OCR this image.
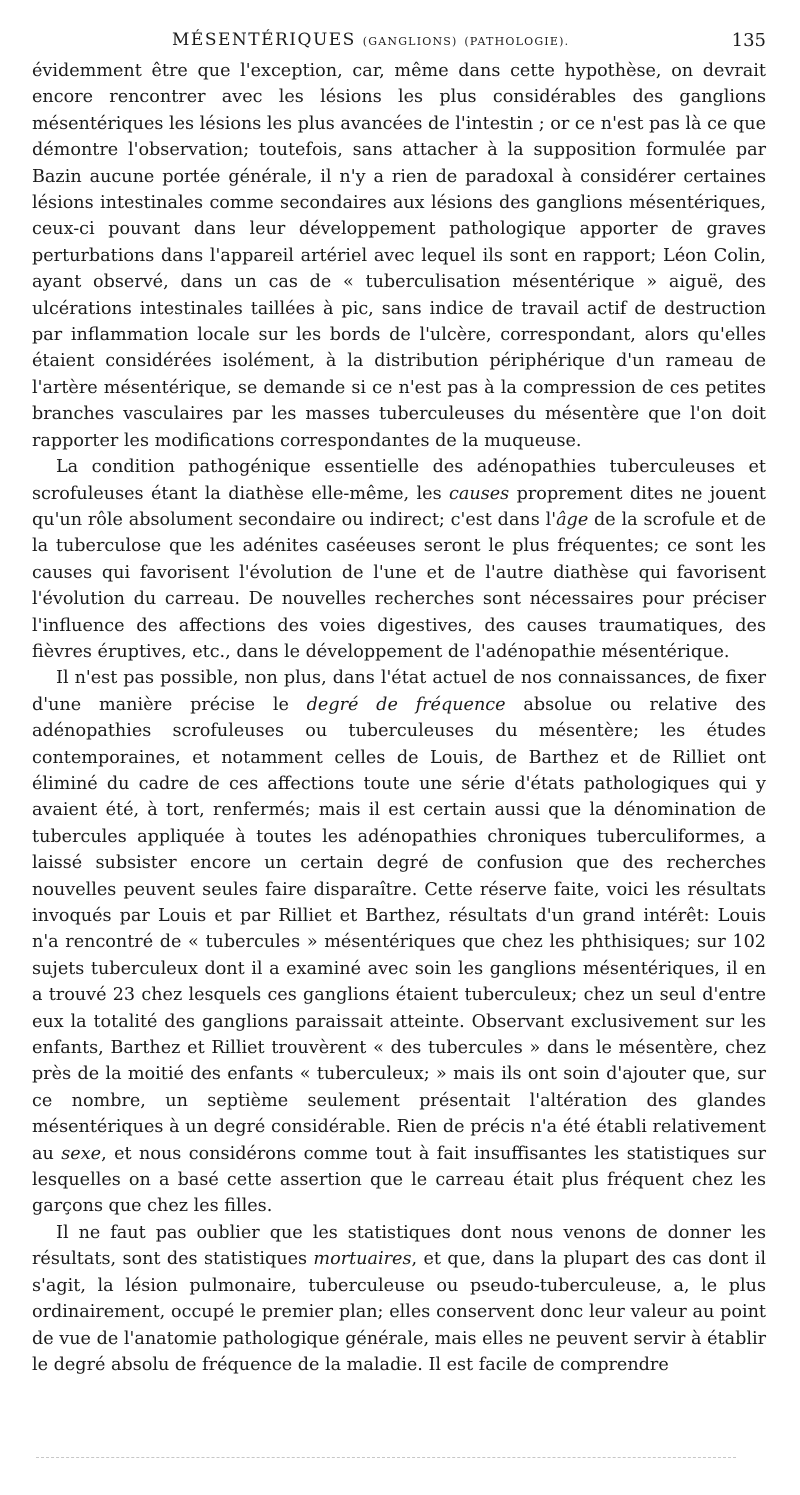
MÉSENTÉRIQUES (GANGLIONS) (PATHOLOGIE).	135

évidemment être que l'exception, car, même dans cette hypothèse, on devrait encore rencontrer avec les lésions les plus considérables des ganglions mésentériques les lésions les plus avancées de l'intestin ; or ce n'est pas là ce que démontre l'observation; toutefois, sans attacher à la supposition formulée par Bazin aucune portée générale, il n'y a rien de paradoxal à considérer certaines lésions intestinales comme secondaires aux lésions des ganglions mésentériques, ceux-ci pouvant dans leur développement pathologique apporter de graves perturbations dans l'appareil artériel avec lequel ils sont en rapport; Léon Colin, ayant observé, dans un cas de « tuberculisation mésentérique » aiguë, des ulcérations intestinales taillées à pic, sans indice de travail actif de destruction par inflammation locale sur les bords de l'ulcère, correspondant, alors qu'elles étaient considérées isolément, à la distribution périphérique d'un rameau de l'artère mésentérique, se demande si ce n'est pas à la compression de ces petites branches vasculaires par les masses tuberculeuses du mésentère que l'on doit rapporter les modifications correspondantes de la muqueuse.

La condition pathogénique essentielle des adénopathies tuberculeuses et scrofuleuses étant la diathèse elle-même, les causes proprement dites ne jouent qu'un rôle absolument secondaire ou indirect; c'est dans l'âge de la scrofule et de la tuberculose que les adénites caséeuses seront le plus fréquentes; ce sont les causes qui favorisent l'évolution de l'une et de l'autre diathèse qui favorisent l'évolution du carreau. De nouvelles recherches sont nécessaires pour préciser l'influence des affections des voies digestives, des causes traumatiques, des fièvres éruptives, etc., dans le développement de l'adénopathie mésentérique.

Il n'est pas possible, non plus, dans l'état actuel de nos connaissances, de fixer d'une manière précise le degré de fréquence absolue ou relative des adénopathies scrofuleuses ou tuberculeuses du mésentère; les études contemporaines, et notamment celles de Louis, de Barthez et de Rilliet ont éliminé du cadre de ces affections toute une série d'états pathologiques qui y avaient été, à tort, renfermés; mais il est certain aussi que la dénomination de tubercules appliquée à toutes les adénopathies chroniques tuberculiformes, a laissé subsister encore un certain degré de confusion que des recherches nouvelles peuvent seules faire disparaître. Cette réserve faite, voici les résultats invoqués par Louis et par Rilliet et Barthez, résultats d'un grand intérêt: Louis n'a rencontré de « tubercules » mésentériques que chez les phthisiques; sur 102 sujets tuberculeux dont il a examiné avec soin les ganglions mésentériques, il en a trouvé 23 chez lesquels ces ganglions étaient tuberculeux; chez un seul d'entre eux la totalité des ganglions paraissait atteinte. Observant exclusivement sur les enfants, Barthez et Rilliet trouvèrent « des tubercules » dans le mésentère, chez près de la moitié des enfants « tuberculeux; » mais ils ont soin d'ajouter que, sur ce nombre, un septième seulement présentait l'altération des glandes mésentériques à un degré considérable. Rien de précis n'a été établi relativement au sexe, et nous considérons comme tout à fait insuffisantes les statistiques sur lesquelles on a basé cette assertion que le carreau était plus fréquent chez les garçons que chez les filles.

Il ne faut pas oublier que les statistiques dont nous venons de donner les résultats, sont des statistiques mortuaires, et que, dans la plupart des cas dont il s'agit, la lésion pulmonaire, tuberculeuse ou pseudo-tuberculeuse, a, le plus ordinairement, occupé le premier plan; elles conservent donc leur valeur au point de vue de l'anatomie pathologique générale, mais elles ne peuvent servir à établir le degré absolu de fréquence de la maladie. Il est facile de comprendre
